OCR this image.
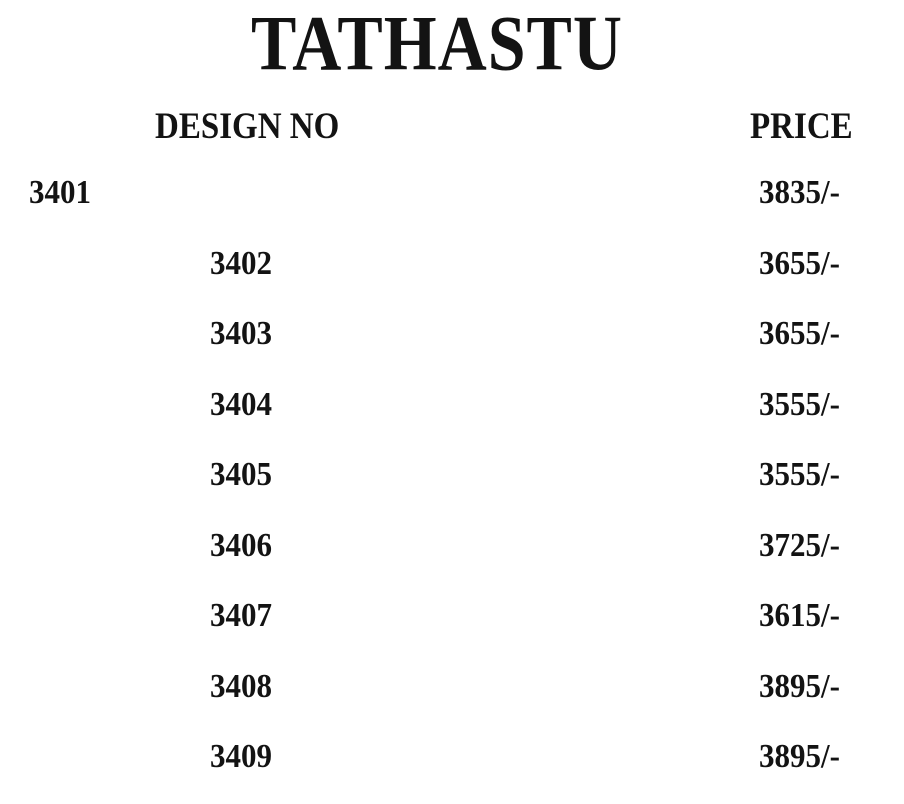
TATHASTU
DESIGN NO	PRICE
3401	3835/-
3402	3655/-
3403	3655/-
3404	3555/-
3405	3555/-
3406	3725/-
3407	3615/-
3408	3895/-
3409	3895/-
